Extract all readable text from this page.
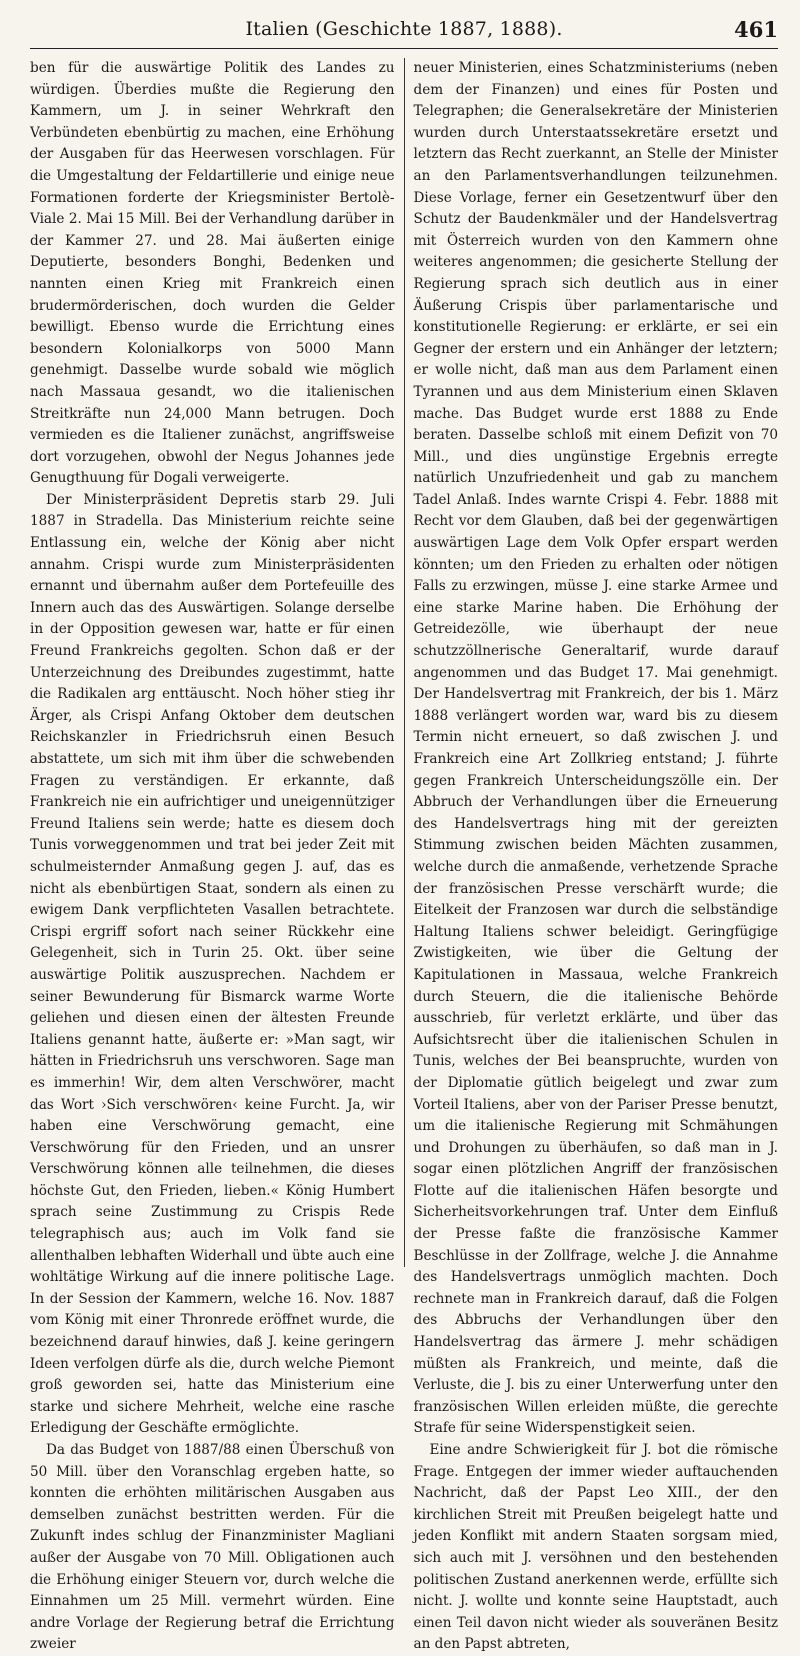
Italien (Geschichte 1887, 1888).	461

ben für die auswärtige Politik des Landes zu würdigen. Überdies mußte die Regierung den Kammern, um J. in seiner Wehrkraft den Verbündeten ebenbürtig zu machen, eine Erhöhung der Ausgaben für das Heerwesen vorschlagen. Für die Umgestaltung der Feldartillerie und einige neue Formationen forderte der Kriegsminister Bertolè-Viale 2. Mai 15 Mill. Bei der Verhandlung darüber in der Kammer 27. und 28. Mai äußerten einige Deputierte, besonders Bonghi, Bedenken und nannten einen Krieg mit Frankreich einen brudermörderischen, doch wurden die Gelder bewilligt. Ebenso wurde die Errichtung eines besondern Kolonialkorps von 5000 Mann genehmigt. Dasselbe wurde sobald wie möglich nach Massaua gesandt, wo die italienischen Streitkräfte nun 24,000 Mann betrugen. Doch vermieden es die Italiener zunächst, angriffsweise dort vorzugehen, obwohl der Negus Johannes jede Genugthuung für Dogali verweigerte.

Der Ministerpräsident Depretis starb 29. Juli 1887 in Stradella. Das Ministerium reichte seine Entlassung ein, welche der König aber nicht annahm. Crispi wurde zum Ministerpräsidenten ernannt und übernahm außer dem Portefeuille des Innern auch das des Auswärtigen. Solange derselbe in der Opposition gewesen war, hatte er für einen Freund Frankreichs gegolten. Schon daß er der Unterzeichnung des Dreibundes zugestimmt, hatte die Radikalen arg enttäuscht. Noch höher stieg ihr Ärger, als Crispi Anfang Oktober dem deutschen Reichskanzler in Friedrichsruh einen Besuch abstattete, um sich mit ihm über die schwebenden Fragen zu verständigen. Er erkannte, daß Frankreich nie ein aufrichtiger und uneigennütziger Freund Italiens sein werde; hatte es diesem doch Tunis vorweggenommen und trat bei jeder Zeit mit schulmeisternder Anmaßung gegen J. auf, das es nicht als ebenbürtigen Staat, sondern als einen zu ewigem Dank verpflichteten Vasallen betrachtete. Crispi ergriff sofort nach seiner Rückkehr eine Gelegenheit, sich in Turin 25. Okt. über seine auswärtige Politik auszusprechen. Nachdem er seiner Bewunderung für Bismarck warme Worte geliehen und diesen einen der ältesten Freunde Italiens genannt hatte, äußerte er: »Man sagt, wir hätten in Friedrichsruh uns verschworen. Sage man es immerhin! Wir, dem alten Verschwörer, macht das Wort ›Sich verschwören‹ keine Furcht. Ja, wir haben eine Verschwörung gemacht, eine Verschwörung für den Frieden, und an unsrer Verschwörung können alle teilnehmen, die dieses höchste Gut, den Frieden, lieben.« König Humbert sprach seine Zustimmung zu Crispis Rede telegraphisch aus; auch im Volk fand sie allenthalben lebhaften Widerhall und übte auch eine wohltätige Wirkung auf die innere politische Lage. In der Session der Kammern, welche 16. Nov. 1887 vom König mit einer Thronrede eröffnet wurde, die bezeichnend darauf hinwies, daß J. keine geringern Ideen verfolgen dürfe als die, durch welche Piemont groß geworden sei, hatte das Ministerium eine starke und sichere Mehrheit, welche eine rasche Erledigung der Geschäfte ermöglichte.

Da das Budget von 1887/88 einen Überschuß von 50 Mill. über den Voranschlag ergeben hatte, so konnten die erhöhten militärischen Ausgaben aus demselben zunächst bestritten werden. Für die Zukunft indes schlug der Finanzminister Magliani außer der Ausgabe von 70 Mill. Obligationen auch die Erhöhung einiger Steuern vor, durch welche die Einnahmen um 25 Mill. vermehrt würden. Eine andre Vorlage der Regierung betraf die Errichtung zweier

neuer Ministerien, eines Schatzministeriums (neben dem der Finanzen) und eines für Posten und Telegraphen; die Generalsekretäre der Ministerien wurden durch Unterstaatssekretäre ersetzt und letztern das Recht zuerkannt, an Stelle der Minister an den Parlamentsverhandlungen teilzunehmen. Diese Vorlage, ferner ein Gesetzentwurf über den Schutz der Baudenkmäler und der Handelsvertrag mit Österreich wurden von den Kammern ohne weiteres angenommen; die gesicherte Stellung der Regierung sprach sich deutlich aus in einer Äußerung Crispis über parlamentarische und konstitutionelle Regierung: er erklärte, er sei ein Gegner der erstern und ein Anhänger der letztern; er wolle nicht, daß man aus dem Parlament einen Tyrannen und aus dem Ministerium einen Sklaven mache. Das Budget wurde erst 1888 zu Ende beraten. Dasselbe schloß mit einem Defizit von 70 Mill., und dies ungünstige Ergebnis erregte natürlich Unzufriedenheit und gab zu manchem Tadel Anlaß. Indes warnte Crispi 4. Febr. 1888 mit Recht vor dem Glauben, daß bei der gegenwärtigen auswärtigen Lage dem Volk Opfer erspart werden könnten; um den Frieden zu erhalten oder nötigen Falls zu erzwingen, müsse J. eine starke Armee und eine starke Marine haben. Die Erhöhung der Getreidezölle, wie überhaupt der neue schutzzöllnerische Generaltarif, wurde darauf angenommen und das Budget 17. Mai genehmigt. Der Handelsvertrag mit Frankreich, der bis 1. März 1888 verlängert worden war, ward bis zu diesem Termin nicht erneuert, so daß zwischen J. und Frankreich eine Art Zollkrieg entstand; J. führte gegen Frankreich Unterscheidungszölle ein. Der Abbruch der Verhandlungen über die Erneuerung des Handelsvertrags hing mit der gereizten Stimmung zwischen beiden Mächten zusammen, welche durch die anmaßende, verhetzende Sprache der französischen Presse verschärft wurde; die Eitelkeit der Franzosen war durch die selbständige Haltung Italiens schwer beleidigt. Geringfügige Zwistigkeiten, wie über die Geltung der Kapitulationen in Massaua, welche Frankreich durch Steuern, die die italienische Behörde ausschrieb, für verletzt erklärte, und über das Aufsichtsrecht über die italienischen Schulen in Tunis, welches der Bei beanspruchte, wurden von der Diplomatie gütlich beigelegt und zwar zum Vorteil Italiens, aber von der Pariser Presse benutzt, um die italienische Regierung mit Schmähungen und Drohungen zu überhäufen, so daß man in J. sogar einen plötzlichen Angriff der französischen Flotte auf die italienischen Häfen besorgte und Sicherheitsvorkehrungen traf. Unter dem Einfluß der Presse faßte die französische Kammer Beschlüsse in der Zollfrage, welche J. die Annahme des Handelsvertrags unmöglich machten. Doch rechnete man in Frankreich darauf, daß die Folgen des Abbruchs der Verhandlungen über den Handelsvertrag das ärmere J. mehr schädigen müßten als Frankreich, und meinte, daß die Verluste, die J. bis zu einer Unterwerfung unter den französischen Willen erleiden müßte, die gerechte Strafe für seine Widerspenstigkeit seien.

Eine andre Schwierigkeit für J. bot die römische Frage. Entgegen der immer wieder auftauchenden Nachricht, daß der Papst Leo XIII., der den kirchlichen Streit mit Preußen beigelegt hatte und jeden Konflikt mit andern Staaten sorgsam mied, sich auch mit J. versöhnen und den bestehenden politischen Zustand anerkennen werde, erfüllte sich nicht. J. wollte und konnte seine Hauptstadt, auch einen Teil davon nicht wieder als souveränen Besitz an den Papst abtreten,
